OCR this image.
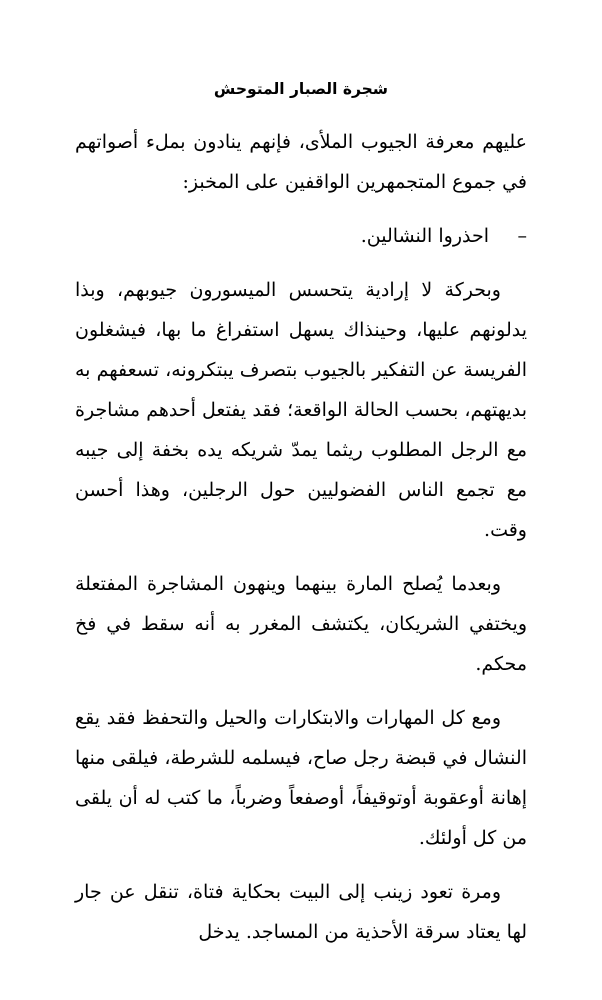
شجرة الصبار المتوحش

عليهم معرفة الجيوب الملأى، فإنهم ينادون بملء أصواتهم في جموع المتجمهرين الواقفين على المخبز:

–احذروا النشالين.

وبحركة لا إرادية يتحسس الميسورون جيوبهم، وبذا يدلونهم عليها، وحينذاك يسهل استفراغ ما بها، فيشغلون الفريسة عن التفكير بالجيوب بتصرف يبتكرونه، تسعفهم به بديهتهم، بحسب الحالة الواقعة؛ فقد يفتعل أحدهم مشاجرة مع الرجل المطلوب ريثما يمدّ شريكه يده بخفة إلى جيبه مع تجمع الناس الفضوليين حول الرجلين، وهذا أحسن وقت.

وبعدما يُصلح المارة بينهما وينهون المشاجرة المفتعلة ويختفي الشريكان، يكتشف المغرر به أنه سقط في فخ محكم.

ومع كل المهارات والابتكارات والحيل والتحفظ فقد يقع النشال في قبضة رجل صاح، فيسلمه للشرطة، فيلقى منها إهانة أوعقوبة أوتوقيفاً، أوصفعاً وضرباً، ما كتب له أن يلقى من كل أولئك.

ومرة تعود زينب إلى البيت بحكاية فتاة، تنقل عن جار لها يعتاد سرقة الأحذية من المساجد. يدخل
